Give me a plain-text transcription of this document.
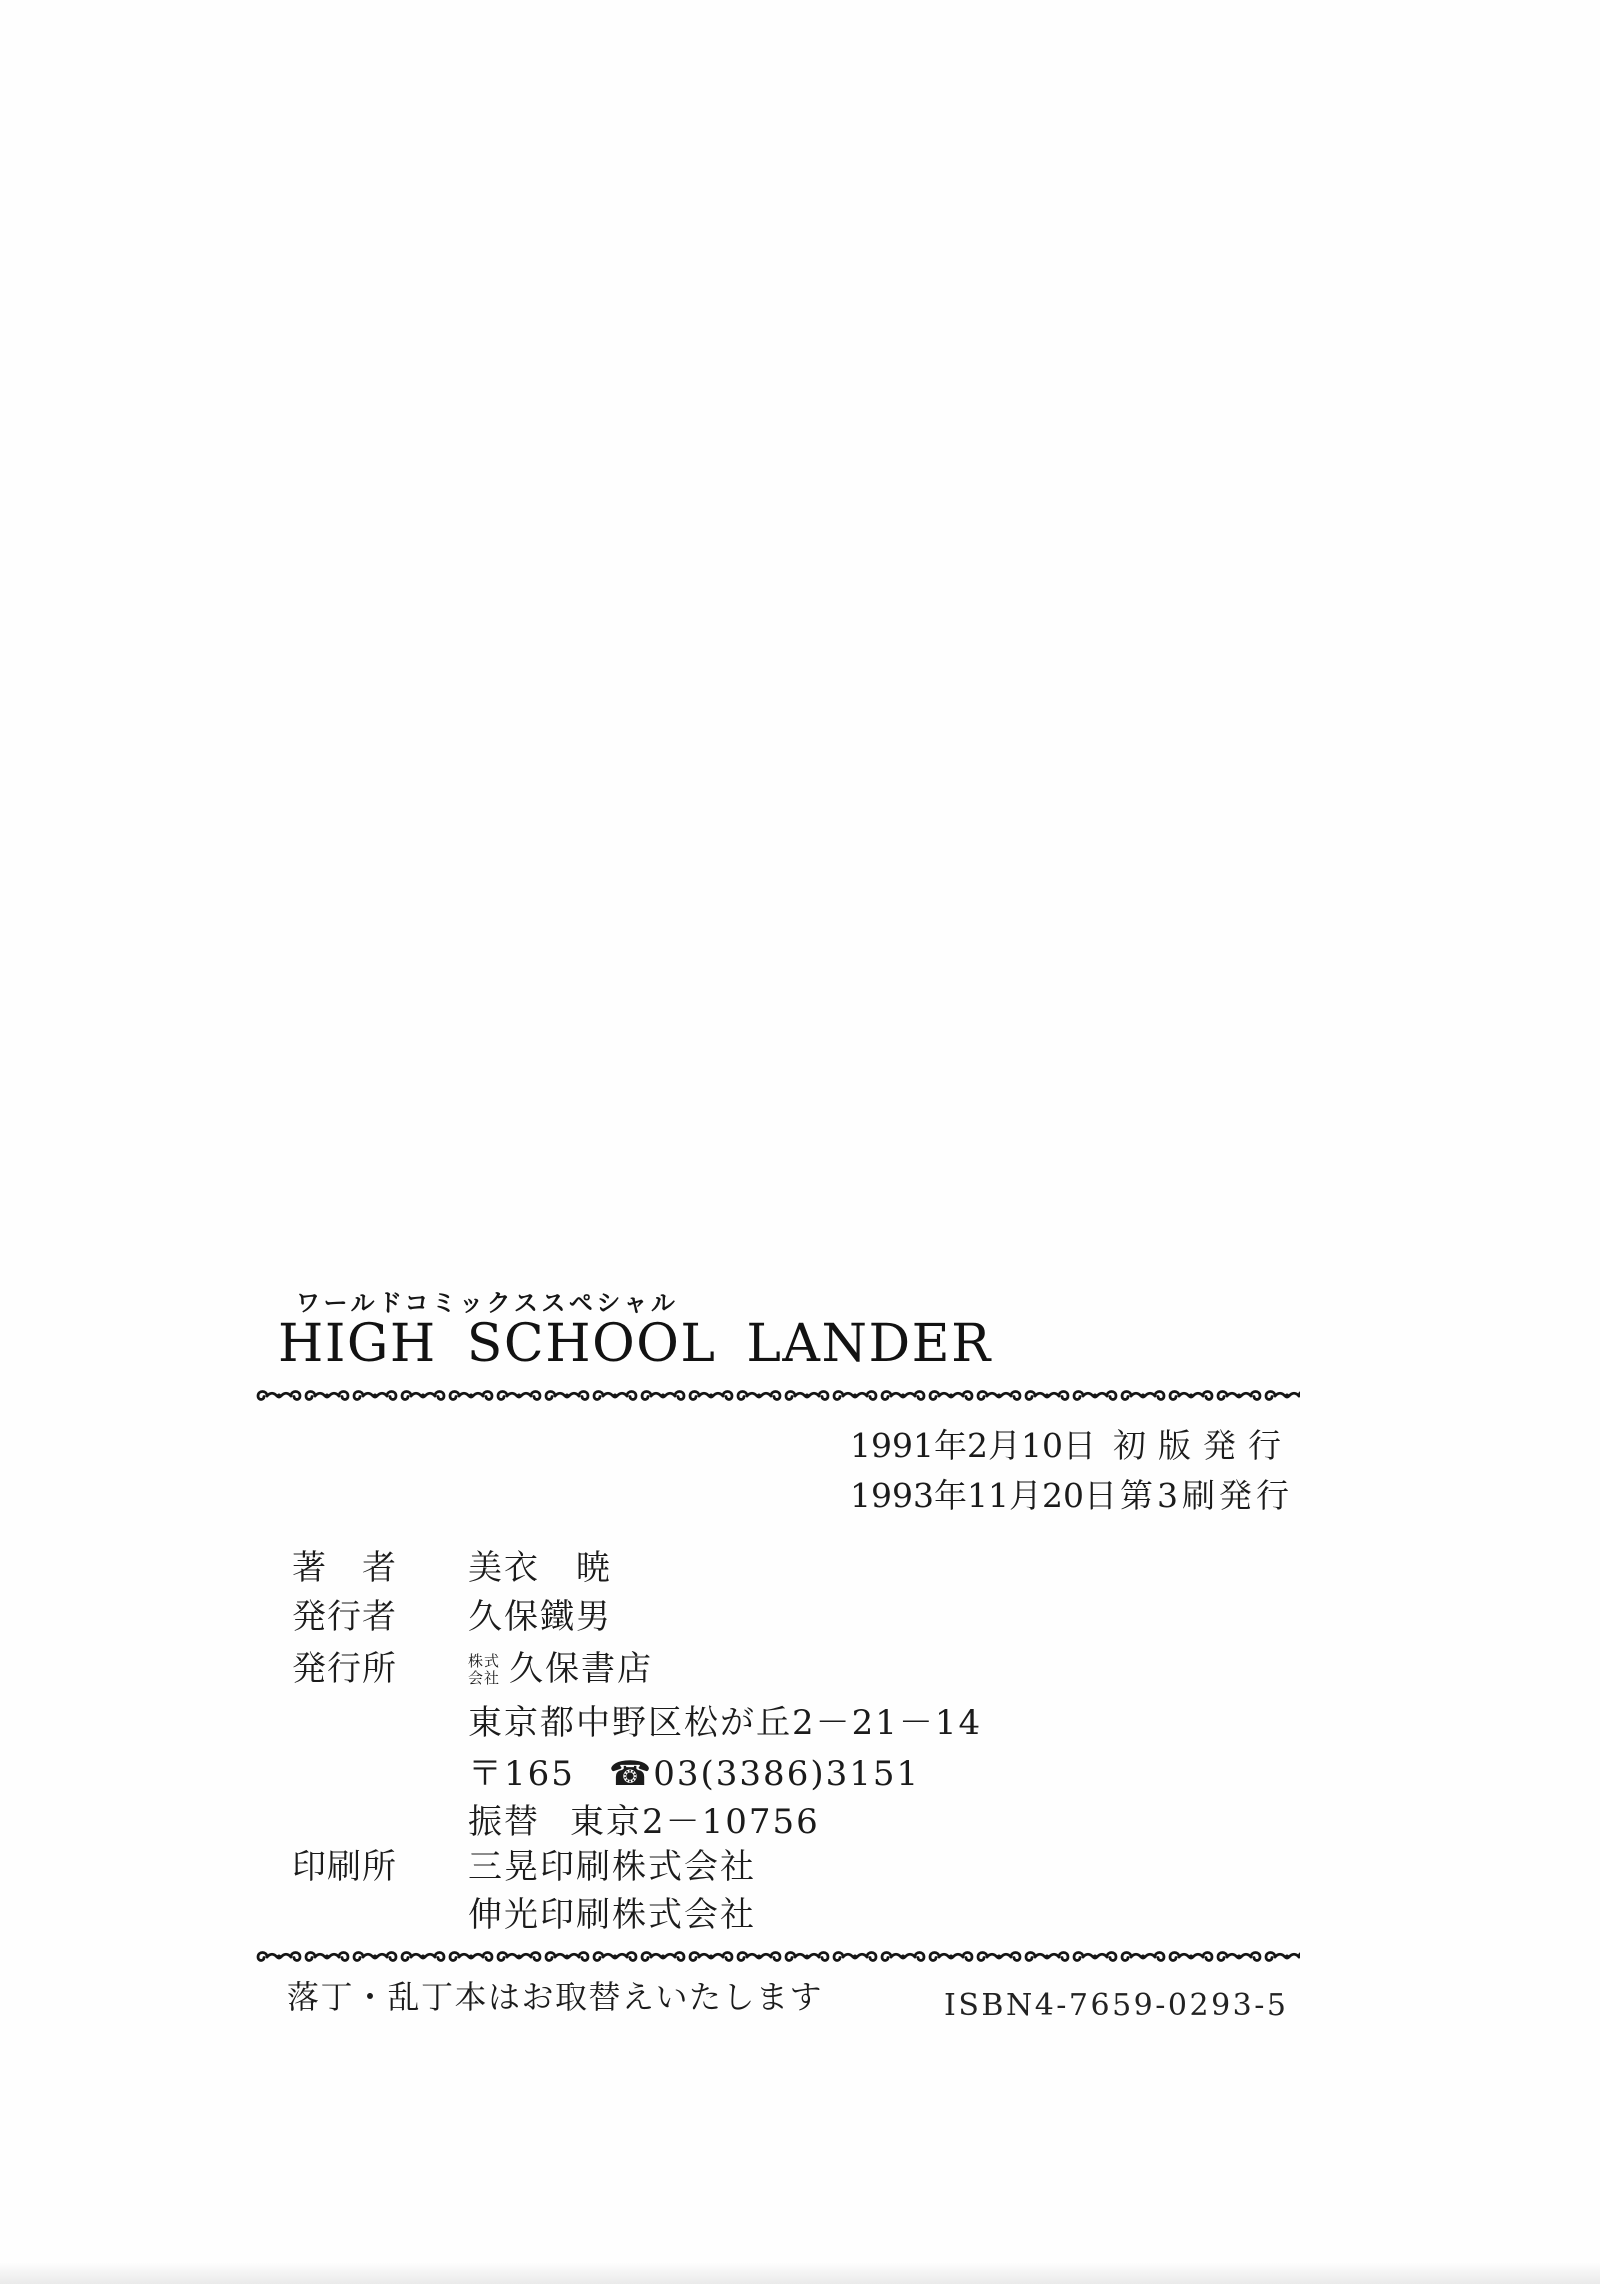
ワールドコミックススペシャル
HIGH SCHOOL LANDER
1991年2月10日 初版発行
1993年11月20日 第3刷発行
著　者 美衣　暁
発行者 久保鐵男
発行所	株式
会社 久保書店
東京都中野区松が丘2－21－14
〒165 ☎03(3386)3151
振替 東京2－10756
印刷所 三晃印刷株式会社
伸光印刷株式会社
落丁・乱丁本はお取替えいたします	ISBN4-7659-0293-5
